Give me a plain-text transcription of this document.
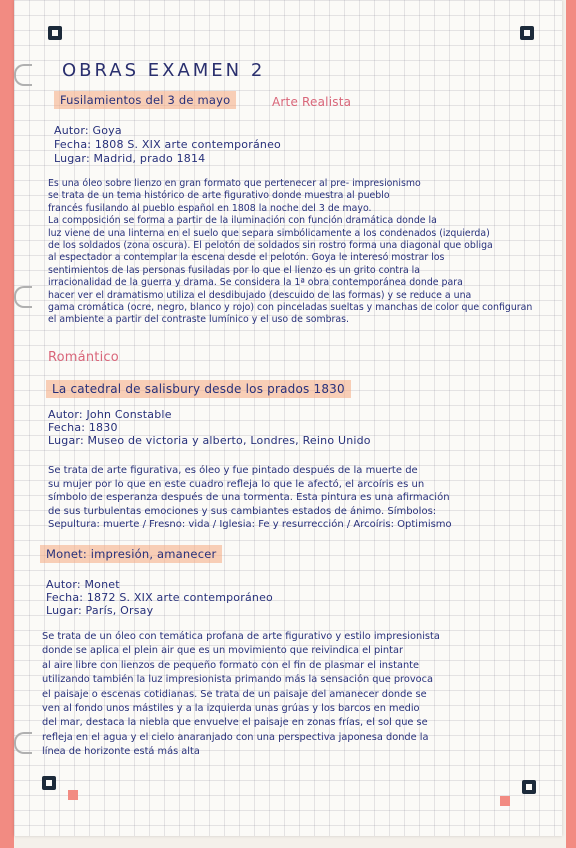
OBRAS EXAMEN 2
Fusilamientos del 3 de mayo	Arte Realista
Autor: Goya
Fecha: 1808 S. XIX arte contemporáneo
Lugar: Madrid, prado 1814
Es una óleo sobre lienzo en gran formato que pertenecer al pre- impresionismo
se trata de un tema histórico de arte figurativo donde muestra al pueblo
francés fusilando al pueblo español en 1808 la noche del 3 de mayo.
La composición se forma a partir de la iluminación con función dramática donde la
luz viene de una linterna en el suelo que separa simbólicamente a los condenados (izquierda)
de los soldados (zona oscura). El pelotón de soldados sin rostro forma una diagonal que obliga
al espectador a contemplar la escena desde el pelotón. Goya le interesó mostrar los
sentimientos de las personas fusiladas por lo que el lienzo es un grito contra la
irracionalidad de la guerra y drama. Se considera la 1ª obra contemporánea donde para
hacer ver el dramatismo utiliza el desdibujado (descuido de las formas) y se reduce a una
gama cromática (ocre, negro, blanco y rojo) con pinceladas sueltas y manchas de color que configuran
el ambiente a partir del contraste lumínico y el uso de sombras.
Romántico
La catedral de salisbury desde los prados 1830
Autor: John Constable
Fecha: 1830
Lugar: Museo de victoria y alberto, Londres, Reino Unido
Se trata de arte figurativa, es óleo y fue pintado después de la muerte de
su mujer por lo que en este cuadro refleja lo que le afectó, el arcoíris es un
símbolo de esperanza después de una tormenta. Esta pintura es una afirmación
de sus turbulentas emociones y sus cambiantes estados de ánimo. Símbolos:
Sepultura: muerte / Fresno: vida / Iglesia: Fe y resurrección / Arcoíris: Optimismo
Monet: impresión, amanecer
Autor: Monet
Fecha: 1872 S. XIX arte contemporáneo
Lugar: París, Orsay
Se trata de un óleo con temática profana de arte figurativo y estilo impresionista
donde se aplica el plein air que es un movimiento que reivindica el pintar
al aire libre con lienzos de pequeño formato con el fin de plasmar el instante
utilizando también la luz impresionista primando más la sensación que provoca
el paisaje o escenas cotidianas. Se trata de un paisaje del amanecer donde se
ven al fondo unos mástiles y a la izquierda unas grúas y los barcos en medio
del mar, destaca la niebla que envuelve el paisaje en zonas frías, el sol que se
refleja en el agua y el cielo anaranjado con una perspectiva japonesa donde la
línea de horizonte está más alta
